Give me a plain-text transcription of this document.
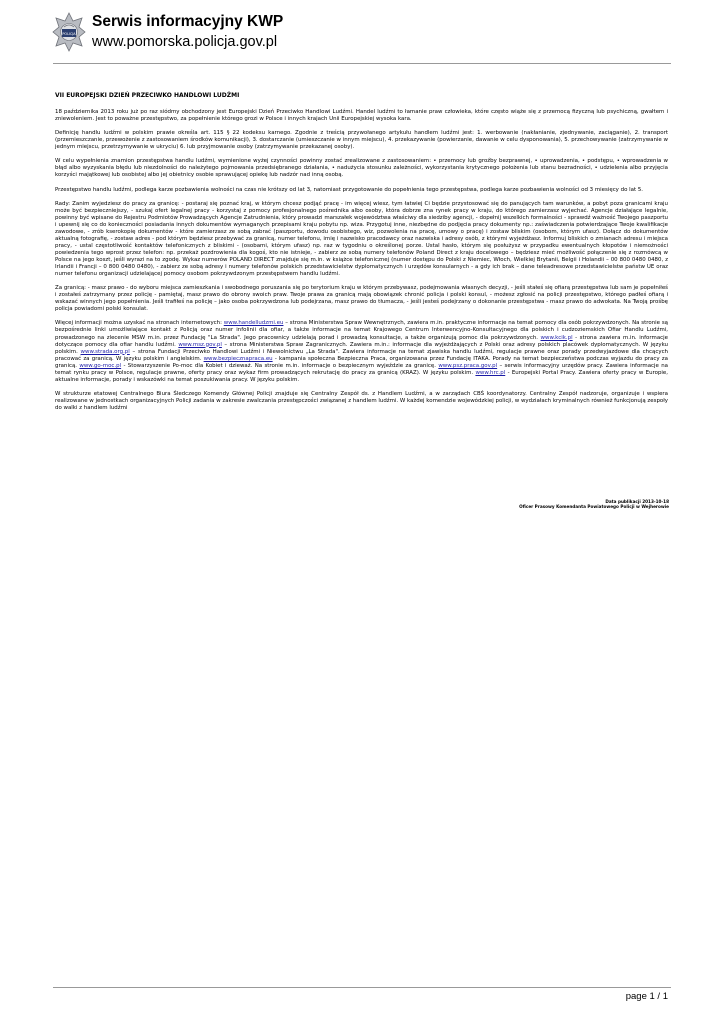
POLICJA
Serwis informacyjny KWP
www.pomorska.policja.gov.pl
VII EUROPEJSKI DZIEŃ PRZECIWKO HANDLOWI LUDŹMI

18 października 2013 roku już po raz siódmy obchodzony jest Europejski Dzień Przeciwko Handlowi Ludźmi. Handel ludźmi to łamanie praw człowieka, które często wiąże się z przemocą fizyczną lub psychiczną, gwałtem i zniewoleniem. Jest to poważne przestępstwo, za popełnienie którego grozi w Polsce i innych krajach Unii Europejskiej wysoka kara.

Definicję handlu ludźmi w polskim prawie określa art. 115 § 22 kodeksu karnego. Zgodnie z treścią przywołanego artykułu handlem ludźmi jest: 1. werbowanie (nakłanianie, zjednywanie, zaciąganie), 2. transport (przemieszczanie, przewożenie z zastosowaniem środków komunikacji), 3. dostarczanie (umieszczanie w innym miejscu), 4. przekazywanie (powierzanie, dawanie w celu dysponowania), 5. przechowywanie (zatrzymywanie w jednym miejscu, przetrzymywanie w ukryciu) 6. lub przyjmowanie osoby (zatrzymywanie przekazanej osoby).

W celu wypełnienia znamion przestępstwa handlu ludźmi, wymienione wyżej czynności powinny zostać zrealizowane z zastosowaniem: • przemocy lub groźby bezprawnej, • uprowadzenia, • podstępu, • wprowadzenia w błąd albo wyzyskania błędu lub niezdolności do należytego pojmowania przedsiębranego działania, • nadużycia stosunku zależności, wykorzystania krytycznego położenia lub stanu bezradności, • udzielenia albo przyjęcia korzyści majątkowej lub osobistej albo jej obietnicy osobie sprawującej opiekę lub nadzór nad inną osobą.

Przestępstwo handlu ludźmi, podlega karze pozbawienia wolności na czas nie krótszy od lat 3, natomiast przygotowanie do popełnienia tego przestępstwa, podlega karze pozbawienia wolności od 3 miesięcy do lat 5.

Rady: Zanim wyjedziesz do pracy za granicę: - postaraj się poznać kraj, w którym chcesz podjąć pracę - im więcej wiesz, tym łatwiej Ci będzie przystosować się do panujących tam warunków, a pobyt poza granicami kraju może być bezpieczniejszy, - szukaj ofert legalnej pracy - korzystaj z pomocy profesjonalnego pośrednika albo osoby, która dobrze zna rynek pracy w kraju, do którego zamierzasz wyjechać. Agencje działające legalnie, powinny być wpisane do Rejestru Podmiotów Prowadzących Agencje Zatrudnienia, który prowadzi marszałek województwa właściwy dla siedziby agencji, - dopełnij wszelkich formalności - sprawdź ważność Twojego paszportu i upewnij się co do konieczności posiadania innych dokumentów wymaganych przepisami kraju pobytu np. wiza. Przygotuj inne, niezbędne do podjęcia pracy dokumenty np.: zaświadczenia potwierdzające Twoje kwalifikacje zawodowe, - zrób kserokopię dokumentów - które zamierzasz ze sobą zabrać (paszportu, dowodu osobistego, wiz, pozwolenia na pracę, umowy o pracę) i zostaw bliskim (osobom, którym ufasz). Dołącz do dokumentów aktualną fotografię, - zostaw adres - pod którym będziesz przebywać za granicą, numer telefonu, imię i nazwisko pracodawcy oraz nazwiska i adresy osób, z którymi wyjeżdżasz. Informuj bliskich o zmianach adresu i miejsca pracy, - ustal częstotliwość kontaktów telefonicznych z bliskimi - (osobami, którym ufasz) np. raz w tygodniu o określonej porze. Ustal hasło, którym się posłużysz w przypadku ewentualnych kłopotów i niemożności powiedzenia tego wprost przez telefon: np. przekaż pozdrowienia dla kogoś, kto nie istnieje, - zabierz ze sobą numery telefonów Poland Direct z kraju docelowego – będziesz mieć możliwość połączenie się z rozmówcą w Polsce na jego koszt, jeśli wyrazi na to zgodę. Wykaz numerów POLAND DIRECT znajduje się m.in. w książce telefonicznej (numer dostępu do Polski z Niemiec, Włoch, Wielkiej Brytanii, Belgii i Holandii – 00 800 0480 0480, z Irlandii i Francji – 0 800 0480 0480), - zabierz ze sobą adresy i numery telefonów polskich przedstawicielstw dyplomatycznych i urzędów konsularnych - a gdy ich brak – dane teleadresowe przedstawicielstw państw UE oraz numer telefonu organizacji udzielającej pomocy osobom pokrzywdzonym przestępstwem handlu ludźmi.

Za granicą: - masz prawo - do wyboru miejsca zamieszkania i swobodnego poruszania się po terytorium kraju w którym przebywasz, podejmowania własnych decyzji, - jeśli stałeś się ofiarą przestępstwa lub sam je popełniłeś i zostałeś zatrzymany przez policję - pamiętaj, masz prawo do obrony swoich praw. Twoje prawa za granicą mają obowiązek chronić policja i polski konsul, - możesz zgłosić na policji przestępstwo, którego padłeś ofiarą i wskazać winnych jego popełnienia. Jeśli trafiłeś na policję – jako osoba pokrzywdzona lub podejrzana, masz prawo do tłumacza, - jeśli jesteś podejrzany o dokonanie przestępstwa - masz prawo do adwokata. Na Twoją prośbę policja powiadomi polski konsulat.

Więcej informacji można uzyskać na stronach internetowych: www.handelludzmi.eu – strona Ministerstwa Spraw Wewnętrznych, zawiera m.in. praktyczne informacje na temat pomocy dla osób pokrzywdzonych. Na stronie są bezpośrednie linki umożliwiające kontakt z Policją oraz numer infolinii dla ofiar, a także informacje na temat Krajowego Centrum Interwencyjno-Konsultacyjnego dla polskich i cudzoziemskich Ofiar Handlu Ludźmi, prowadzonego na zlecenie MSW m.in. przez Fundację "La Strada". Jego pracownicy udzielają porad i prowadzą konsultacje, a także organizują pomoc dla pokrzywdzonych. www.kcik.pl - strona zawiera m.in. informacje dotyczące pomocy dla ofiar handlu ludźmi. www.msz.gov.pl – strona Ministerstwa Spraw Zagranicznych. Zawiera m.in.: informacje dla wyjeżdżających z Polski oraz adresy polskich placówek dyplomatycznych. W języku polskim. www.strada.org.pl – strona Fundacji Przeciwko Handlowi Ludźmi i Niewolnictwu „La Strada". Zawiera informacje na temat zjawiska handlu ludźmi, regulacje prawne oraz porady przedwyjazdowe dla chcących pracować za granicą. W języku polskim i angielskim. www.bezpiecznapraca.eu - kampania społeczna Bezpieczna Praca, organizowana przez Fundację ITAKA. Porady na temat bezpieczeństwa podczas wyjazdu do pracy za granicą. www.go-moc.pl - Stowarzyszenie Po-moc dla Kobiet i dzieważ. Na stronie m.in. informacje o bezpiecznym wyjeździe za granicę. www.psz.praca.gov.pl – serwis informacyjny urzędów pracy. Zawiera informacje na temat rynku pracy w Polsce, regulacje prawne, oferty pracy oraz wykaz firm prowadzących rekrutację do pracy za granicą (KRAZ). W języku polskim. www.hrc.pl - Europejski Portal Pracy. Zawiera oferty pracy w Europie, aktualne informacje, porady i wskazówki na temat poszukiwania pracy. W języku polskim.

W strukturze etatowej Centralnego Biura Śledczego Komendy Głównej Policji znajduje się Centralny Zespół ds. z Handlem Ludźmi, a w zarządach CBŚ koordynatorzy. Centralny Zespół nadzoruje, organizuje i wspiera realizowane w jednostkach organizacyjnych Policji zadania w zakresie zwalczania przestępczości związanej z handlem ludźmi. W każdej komendzie wojewódzkiej policji, w wydziałach kryminalnych również funkcjonują zespoły do walki z handlem ludźmi

Data publikacji 2013-10-18
Oficer Prasowy Komendanta Powiatowego Policji w Wejherowie
page 1 / 1
